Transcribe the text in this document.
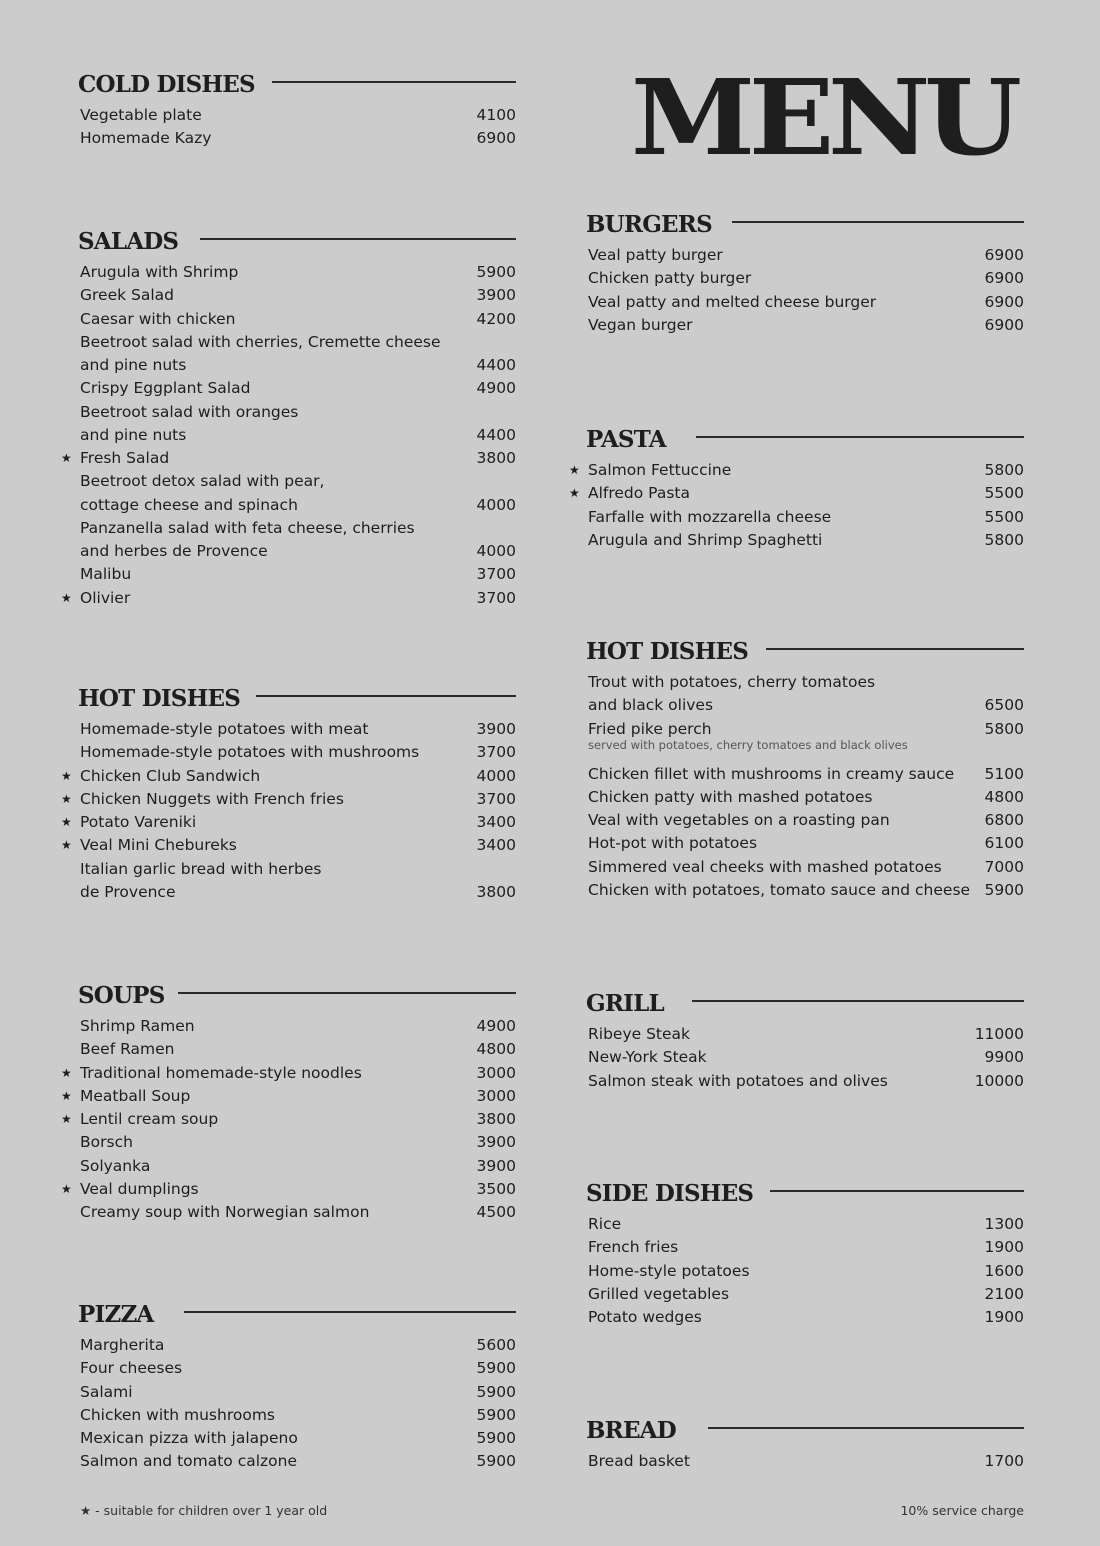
MENU
COLD DISHES
Vegetable plate	4100
Homemade Kazy	6900
SALADS
Arugula with Shrimp	5900
Greek Salad	3900
Caesar with chicken	4200
Beetroot salad with cherries, Cremette cheese
and pine nuts	4400
Crispy Eggplant Salad	4900
Beetroot salad with oranges
and pine nuts	4400
★ Fresh Salad	3800
Beetroot detox salad with pear,
cottage cheese and spinach	4000
Panzanella salad with feta cheese, cherries
and herbes de Provence	4000
Malibu	3700
★ Olivier	3700
HOT DISHES
Homemade-style potatoes with meat	3900
Homemade-style potatoes with mushrooms	3700
★ Chicken Club Sandwich	4000
★ Chicken Nuggets with French fries	3700
★ Potato Vareniki	3400
★ Veal Mini Chebureks	3400
Italian garlic bread with herbes
de Provence	3800
SOUPS
Shrimp Ramen	4900
Beef Ramen	4800
★ Traditional homemade-style noodles	3000
★ Meatball Soup	3000
★ Lentil cream soup	3800
Borsch	3900
Solyanka	3900
★ Veal dumplings	3500
Creamy soup with Norwegian salmon	4500
PIZZA
Margherita	5600
Four cheeses	5900
Salami	5900
Chicken with mushrooms	5900
Mexican pizza with jalapeno	5900
Salmon and tomato calzone	5900
★ - suitable for children over 1 year old
BURGERS
Veal patty burger	6900
Chicken patty burger	6900
Veal patty and melted cheese burger	6900
Vegan burger	6900
PASTA
★ Salmon Fettuccine	5800
★ Alfredo Pasta	5500
Farfalle with mozzarella cheese	5500
Arugula and Shrimp Spaghetti	5800
HOT DISHES
Trout with potatoes, cherry tomatoes
and black olives	6500
Fried pike perch	5800
served with potatoes, cherry tomatoes and black olives
Chicken fillet with mushrooms in creamy sauce 5100
Chicken patty with mashed potatoes	4800
Veal with vegetables on a roasting pan	6800
Hot-pot with potatoes	6100
Simmered veal cheeks with mashed potatoes	7000
Chicken with potatoes, tomato sauce and cheese 5900
GRILL
Ribeye Steak	11000
New-York Steak	9900
Salmon steak with potatoes and olives	10000
SIDE DISHES
Rice	1300
French fries	1900
Home-style potatoes	1600
Grilled vegetables	2100
Potato wedges	1900
BREAD
Bread basket	1700
10% service charge
